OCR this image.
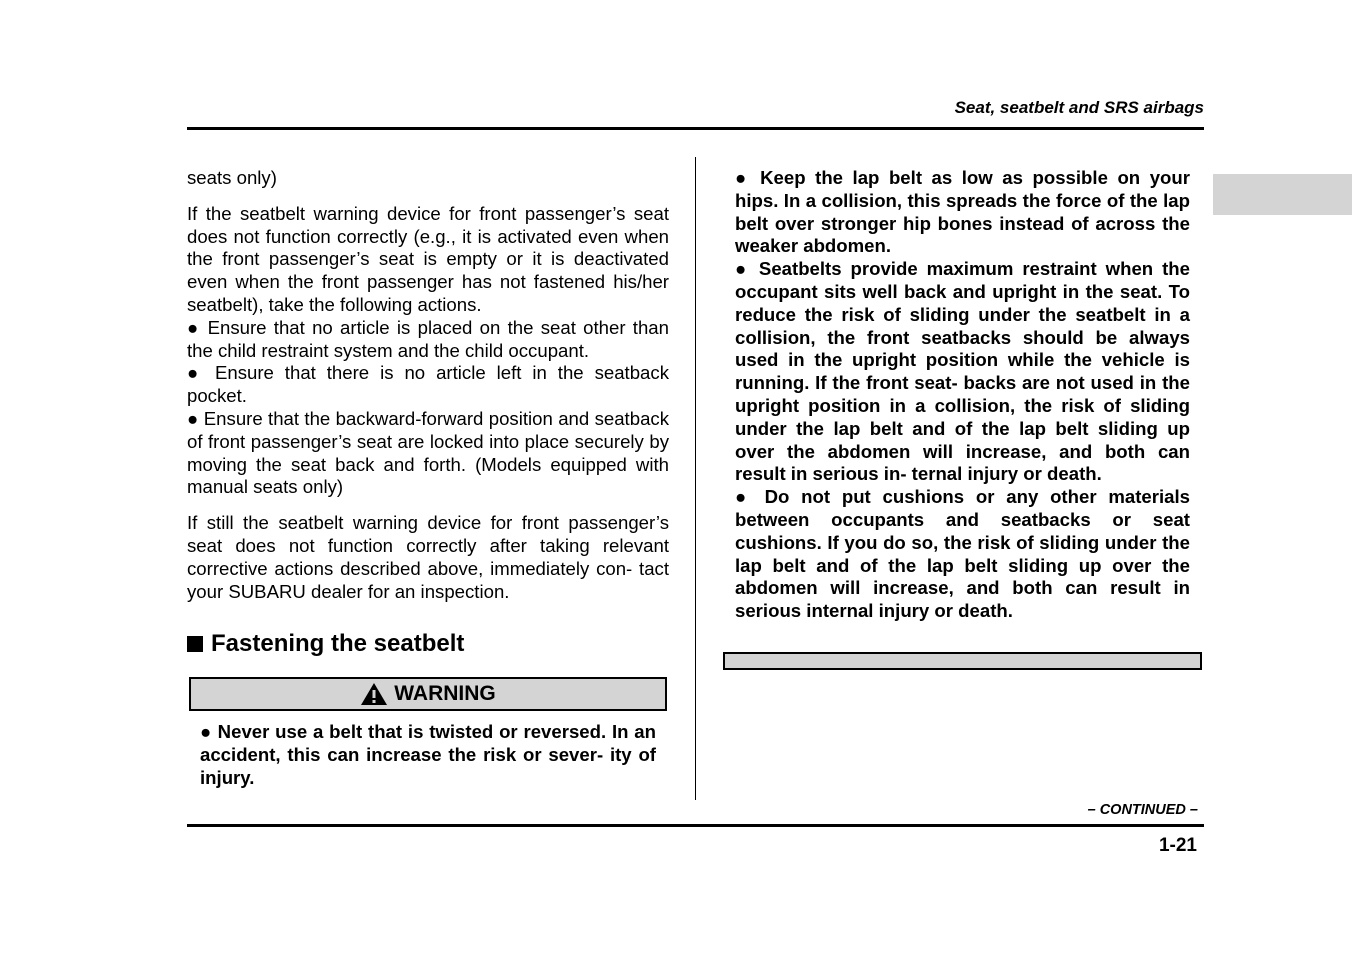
Seat, seatbelt and SRS airbags

seats only)

If the seatbelt warning device for front passenger’s seat does not function correctly (e.g., it is activated even when the front passenger’s seat is empty or it is deactivated even when the front passenger has not fastened his/her seatbelt), take the following actions.

● Ensure that no article is placed on the seat other than the child restraint system and the child occupant.

● Ensure that there is no article left in the seatback pocket.

● Ensure that the backward-forward position and seatback of front passenger’s seat are locked into place securely by moving the seat back and forth. (Models equipped with manual seats only)

If still the seatbelt warning device for front passenger’s seat does not function correctly after taking relevant corrective actions described above, immediately con- tact your SUBARU dealer for an inspection.

Fastening the seatbelt
WARNING

● Never use a belt that is twisted or reversed. In an accident, this can increase the risk or sever- ity of injury.

● Keep the lap belt as low as possible on your hips. In a collision, this spreads the force of the lap belt over stronger hip bones instead of across the weaker abdomen.

● Seatbelts provide maximum restraint when the occupant sits well back and upright in the seat. To reduce the risk of sliding under the seatbelt in a collision, the front seatbacks should be always used in the upright position while the vehicle is running. If the front seat- backs are not used in the upright position in a collision, the risk of sliding under the lap belt and of the lap belt sliding up over the abdomen will increase, and both can result in serious in- ternal injury or death.

● Do not put cushions or any other materials between occupants and seatbacks or seat cushions. If you do so, the risk of sliding under the lap belt and of the lap belt sliding up over the abdomen will increase, and both can result in serious internal injury or death.

– CONTINUED –
1-21
